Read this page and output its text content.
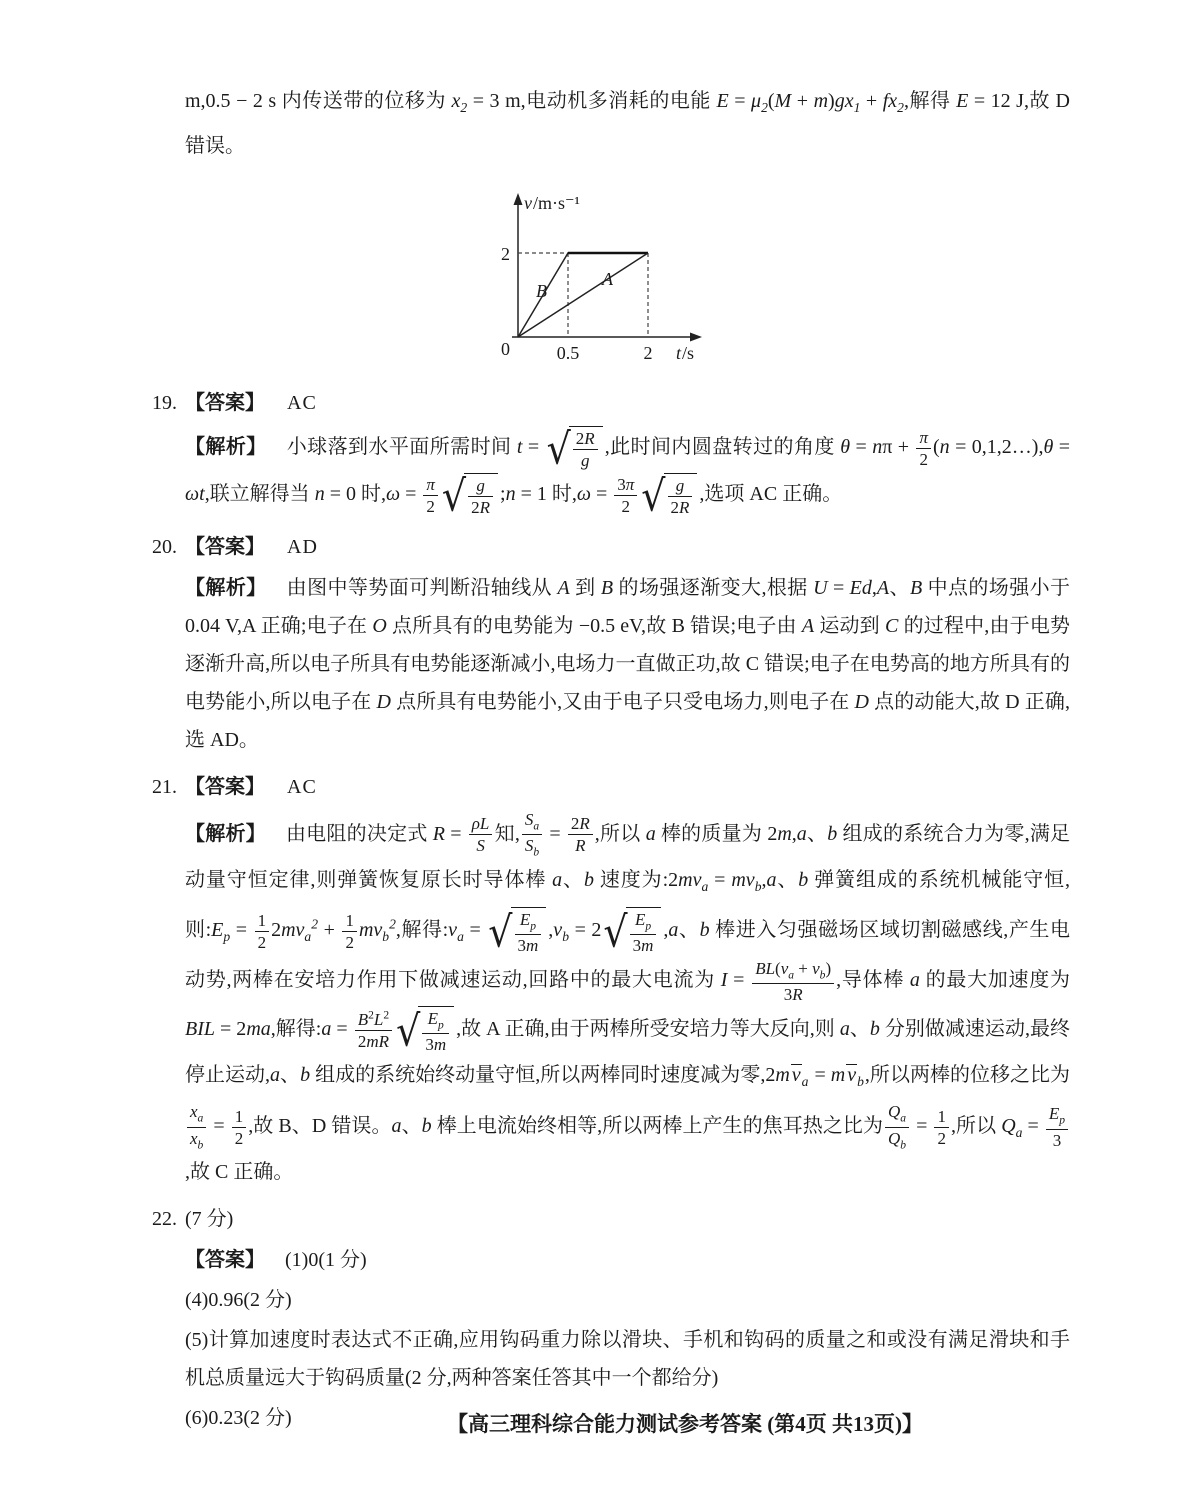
m,0.5 − 2 s 内传送带的位移为 $x_2 = 3$ m,电动机多消耗的电能 $E = \mu_2(M + m)gx_1 + fx_2$,解得 E = 12 J,故 D 错误。

v/m·s⁻¹
2
0	0.5	2 t/s
B
A
19. 【答案】 AC
【解析】 小球落到水平面所需时间 t = √ $\frac{2R}{g}$ ,此时间内圆盘转过的角度 $\theta = n\pi + \frac{\pi}{2} (n$ = 0,1,2…),θ = ωt,联立解得当 n = 0 时$,\omega = \frac{\pi}{2}$ √ $\frac{g}{2R}$ ;n = 1 时$,\omega = \frac{3\pi}{2}$ √ $\frac{g}{2R}$ ,选项 AC 正确。
20. 【答案】 AD
【解析】 由图中等势面可判断沿轴线从 A 到 B 的场强逐渐变大,根据 U = Ed,A、B 中点的场强小于 0.04 V,A 正确;电子在 O 点所具有的电势能为 −0.5 eV,故 B 错误;电子由 A 运动到 C 的过程中,由于电势逐渐升高,所以电子所具有电势能逐渐减小,电场力一直做正功,故 C 错误;电子在电势高的地方所具有的电势能小,所以电子在 D 点所具有电势能小,又由于电子只受电场力,则电子在 D 点的动能大,故 D 正确,选 AD。
21. 【答案】 AC
【解析】 由电阻的决定式 $R = \frac{\rho L}{S}$ 知, $\frac{S_a}{S_b} = \frac{2R}{R}$ ,所以 a 棒的质量为 2m,a、b 组成的系统合力为零,满足动量守恒定律,则弹簧恢复原长时导体棒 a、b 速度为$:2mv_a = mv_b,a$、b 弹簧组成的系统机械能守恒,则$:E_p = \frac{1}{2} 2mv_a^2 + \frac{1}{2} mv_b^2$,解得$:v_a$ = √ $\frac{E_p}{3m} ,v_b = 2$ √ $\frac{E_p}{3m} ,a$、b 棒进入匀强磁场区域切割磁感线,产生电动势,两棒在安培力作用下做减速运动,回路中的最大电流为 $I = \frac{BL(v_a + v_b)}{3R}$ ,导体棒 a 的最大加速度为 BIL = 2ma,解得:a = $\frac{B^2L^2}{2mR}$ √ $\frac{E_p}{3m}$ ,故 A 正确,由于两棒所受安培力等大反向,则 a、b 分别做减速运动,最终停止运动,a、b 组成的系统始终动量守恒,所以两棒同时速度减为零,2m $v_a = m$ $v_b$,所以两棒的位移之比为
$\frac{x_a}{x_b} = \frac{1}{2}$ ,故 B、D 错误。a、b 棒上电流始终相等,所以两棒上产生的焦耳热之比为 $\frac{Q_a}{Q_b} = \frac{1}{2}$ ,所以 $Q_a = \frac{E_p}{3}$
,故 C 正确。
22. (7 分)
【答案】 (1)0(1 分)
(4)0.96(2 分)
(5)计算加速度时表达式不正确,应用钩码重力除以滑块、手机和钩码的质量之和或没有满足滑块和手机总质量远大于钩码质量(2 分,两种答案任答其中一个都给分)
(6)0.23(2 分)	【高三理科综合能力测试参考答案 (第4页 共13页)】
